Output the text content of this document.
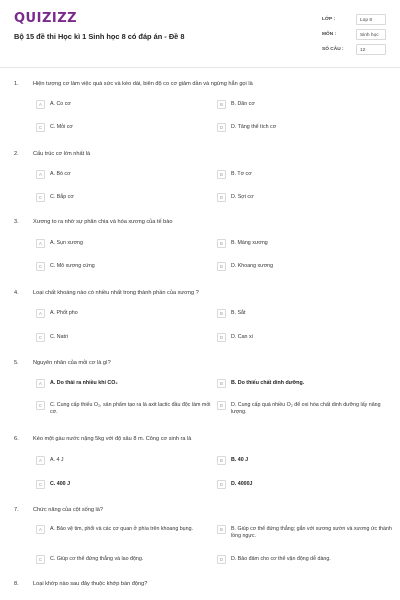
QUIZIZZ
Bộ 15 đề thi Học kì 1 Sinh học 8 có đáp án - Đề 8
LỚP :	Lop 8
MÔN :	Sinh học
SỐ CÂU :	12
1.	Hiện tượng cơ làm việc quá sức và kéo dài, biên độ co cơ giảm dần và ngừng hẳn gọi là
A	A. Co cơ	B	B. Dãn cơ
C	C. Mỏi cơ	D	D. Tăng thể tích cơ
2.	Cấu trúc cơ lớn nhất là
A	A. Bó cơ	B	B. Tơ cơ
C	C. Bắp cơ	D	D. Sợi cơ
3.	Xương to ra nhờ sự phân chia và hóa xương của tế bào
A	A. Sụn xương	B	B. Màng xương
C	C. Mô xương cứng	D	D. Khoang xương
4.	Loại chất khoáng nào có nhiều nhất trong thành phần của xương ?
A	A. Phốt pho	B	B. Sắt
C	C. Natri	D	D. Can xi
5.	Nguyên nhân của mỏi cơ là gì?
A	A. Do thải ra nhiều khí CO₂	B	B. Do thiếu chất dinh dưỡng.
C	C. Cung cấp thiếu O₂, sản phẩm tạo ra là axit lactic đầu độc làm mỏi cơ.
D	D. Cung cấp quá nhiều O₂ để oxi hóa chất dinh dưỡng lấy năng lượng.
6.	Kéo một gàu nước nặng 5kg với độ sâu 8 m. Công cơ sinh ra là
A	A. 4 J	B	B. 40 J
C	C. 400 J	D	D. 4000J
7.	Chức năng của cột sống là?
A	A. Bảo vệ tim, phổi và các cơ quan ở phía trên khoang bụng.	B	B. Giúp cơ thể đứng thẳng; gắn với xương sườn và xương ức thành lồng ngực.
C	C. Giúp cơ thể đứng thẳng và lao động.	D	D. Bảo đảm cho cơ thể vận động dễ dàng.
8.	Loại khớp nào sau đây thuộc khớp bán động?
